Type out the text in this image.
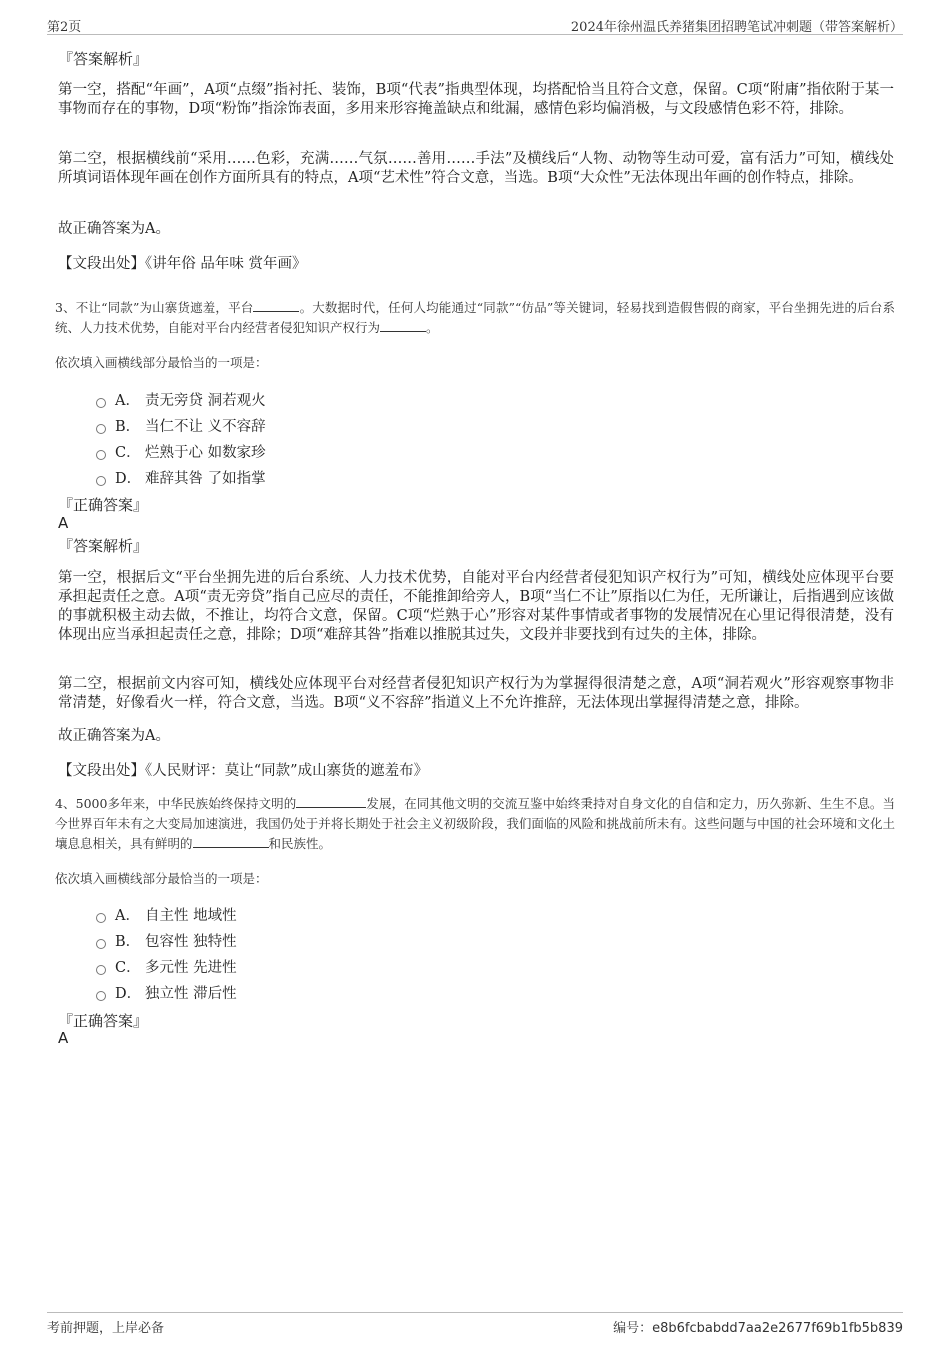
第2页	2024年徐州温氏养猪集团招聘笔试冲刺题（带答案解析）
『答案解析』
第一空，搭配“年画”，A项“点缀”指衬托、装饰，B项“代表”指典型体现，均搭配恰当且符合文意，保留。C项“附庸”指依附于某一事物而存在的事物，D项“粉饰”指涂饰表面，多用来形容掩盖缺点和纰漏，感情色彩均偏消极，与文段感情色彩不符，排除。
第二空，根据横线前“采用……色彩，充满……气氛……善用……手法”及横线后“人物、动物等生动可爱，富有活力”可知，横线处所填词语体现年画在创作方面所具有的特点，A项“艺术性”符合文意，当选。B项“大众性”无法体现出年画的创作特点，排除。
故正确答案为A。
【文段出处】《讲年俗 品年味 赏年画》
3、不让“同款”为山寨货遮羞，平台	。大数据时代，任何人均能通过“同款”“仿品”等关键词，轻易找到造假售假的商家，平台坐拥先进的后台系统、人力技术优势，自能对平台内经营者侵犯知识产权行为	。
依次填入画横线部分最恰当的一项是：
A． 责无旁贷 洞若观火
B． 当仁不让 义不容辞
C． 烂熟于心 如数家珍
D． 难辞其咎 了如指掌
『正确答案』
A
『答案解析』
第一空，根据后文“平台坐拥先进的后台系统、人力技术优势，自能对平台内经营者侵犯知识产权行为”可知，横线处应体现平台要承担起责任之意。A项“责无旁贷”指自己应尽的责任，不能推卸给旁人，B项“当仁不让”原指以仁为任，无所谦让，后指遇到应该做的事就积极主动去做，不推让，均符合文意，保留。C项“烂熟于心”形容对某件事情或者事物的发展情况在心里记得很清楚，没有体现出应当承担起责任之意，排除；D项“难辞其咎”指难以推脱其过失，文段并非要找到有过失的主体，排除。
第二空，根据前文内容可知，横线处应体现平台对经营者侵犯知识产权行为为掌握得很清楚之意，A项“洞若观火”形容观察事物非常清楚，好像看火一样，符合文意，当选。B项“义不容辞”指道义上不允许推辞，无法体现出掌握得清楚之意，排除。
故正确答案为A。
【文段出处】《人民财评：莫让“同款”成山寨货的遮羞布》
4、5000多年来，中华民族始终保持文明的	发展，在同其他文明的交流互鉴中始终秉持对自身文化的自信和定力，历久弥新、生生不息。当今世界百年未有之大变局加速演进，我国仍处于并将长期处于社会主义初级阶段，我们面临的风险和挑战前所未有。这些问题与中国的社会环境和文化土壤息息相关，具有鲜明的	和民族性。
依次填入画横线部分最恰当的一项是：
A． 自主性 地域性
B． 包容性 独特性
C． 多元性 先进性
D． 独立性 滞后性
『正确答案』
A
考前押题，上岸必备	编号：e8b6fcbabdd7aa2e2677f69b1fb5b839
